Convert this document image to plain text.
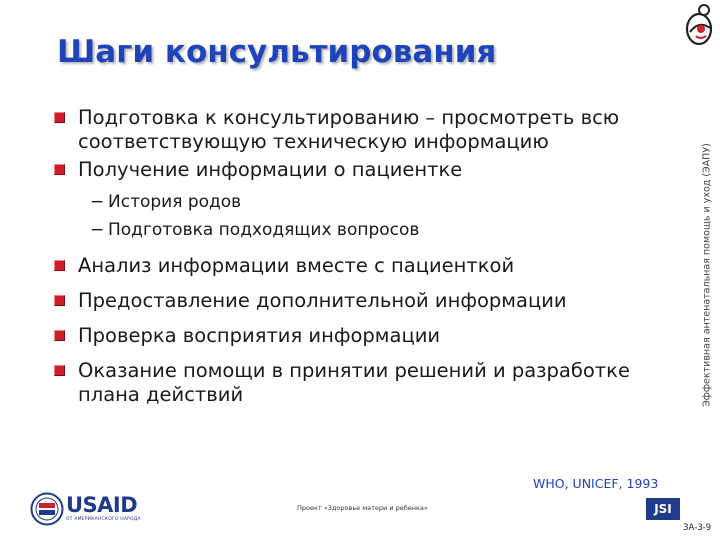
Шаги консультирования
Эффективная антенатальная помощь и уход (ЭАПУ)
Подготовка к консультированию – просмотреть всю соответствующую техническую информацию
Получение информации о пациентке
− История родов
− Подготовка подходящих вопросов
Анализ информации вместе с пациенткой
Предоставление дополнительной информации
Проверка восприятия информации
Оказание помощи в принятии решений и разработке плана действий
WHO, UNICEF, 1993
USAID
ОТ АМЕРИКАНСКОГО НАРОДА
Проект «Здоровье матери и ребенка»	JSI
ЗА-3-9
